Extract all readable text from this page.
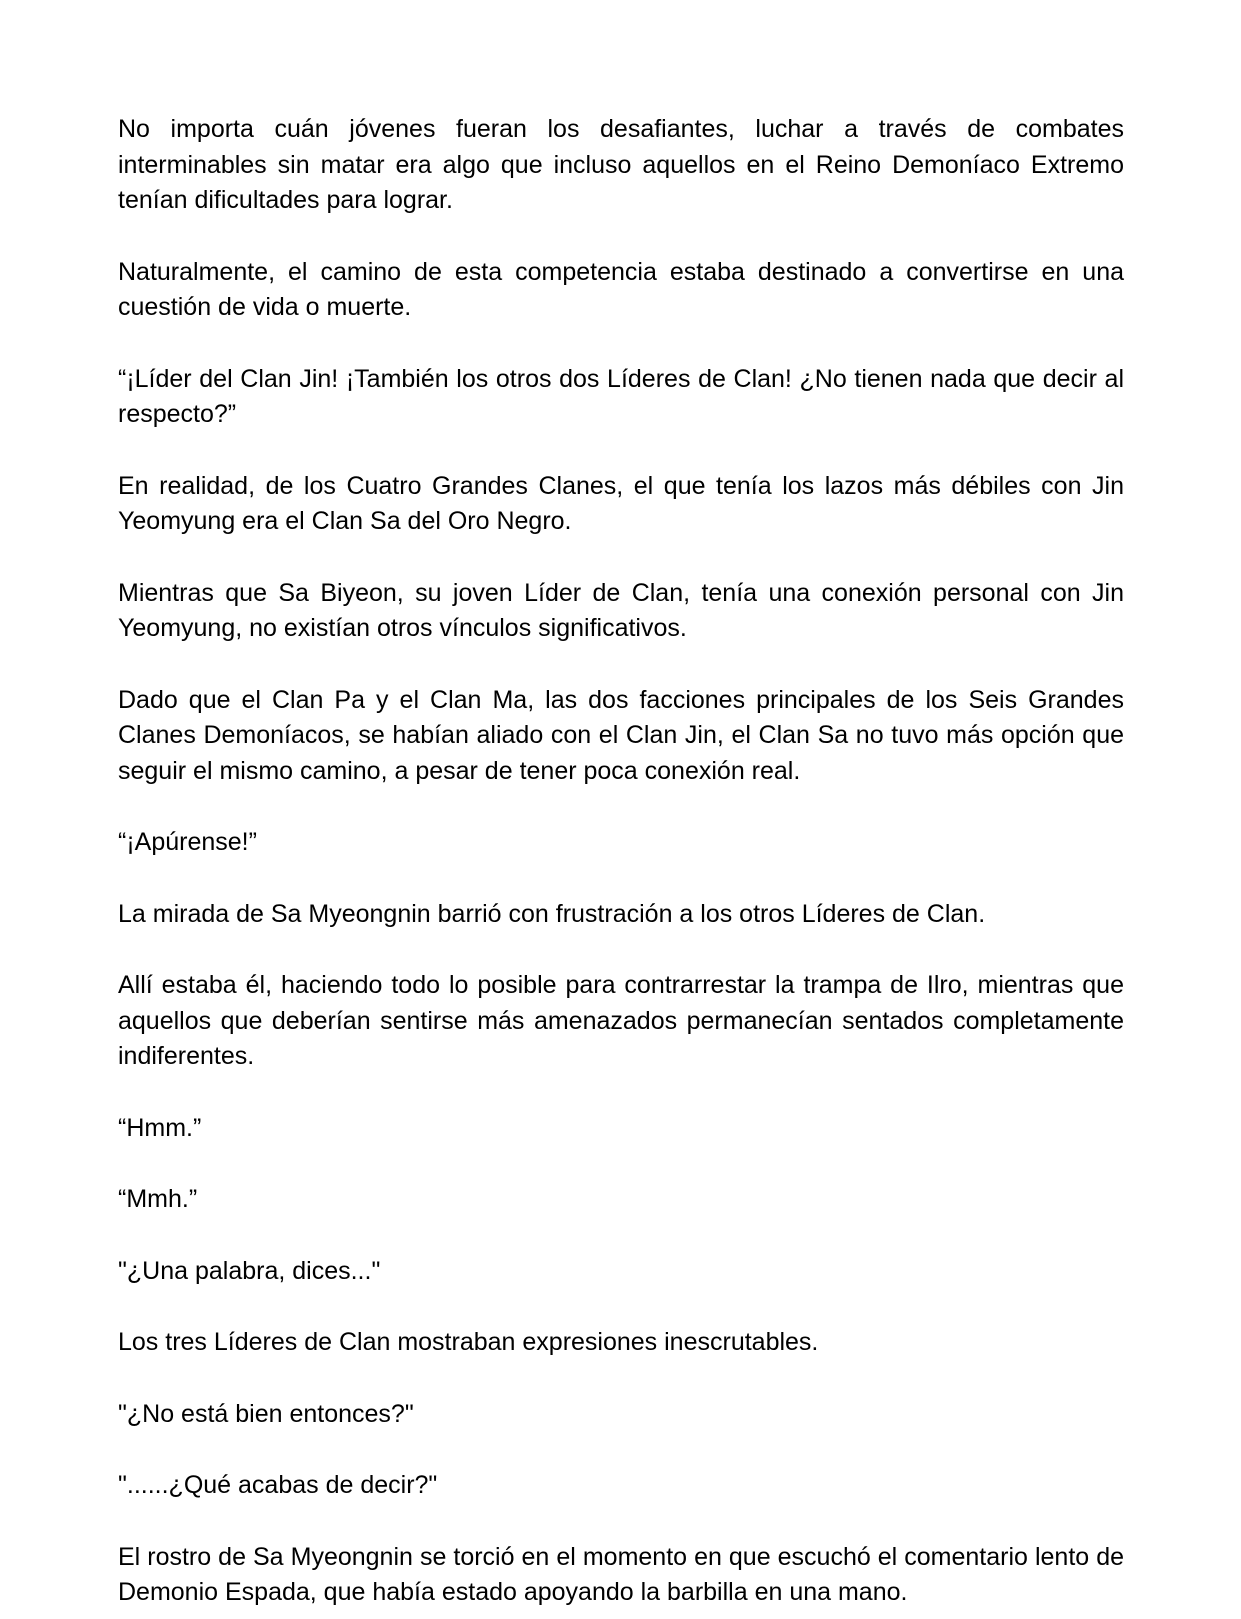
No importa cuán jóvenes fueran los desafiantes, luchar a través de combates interminables sin matar era algo que incluso aquellos en el Reino Demoníaco Extremo tenían dificultades para lograr.

Naturalmente, el camino de esta competencia estaba destinado a convertirse en una cuestión de vida o muerte.

“¡Líder del Clan Jin! ¡También los otros dos Líderes de Clan! ¿No tienen nada que decir al respecto?”

En realidad, de los Cuatro Grandes Clanes, el que tenía los lazos más débiles con Jin Yeomyung era el Clan Sa del Oro Negro.

Mientras que Sa Biyeon, su joven Líder de Clan, tenía una conexión personal con Jin Yeomyung, no existían otros vínculos significativos.

Dado que el Clan Pa y el Clan Ma, las dos facciones principales de los Seis Grandes Clanes Demoníacos, se habían aliado con el Clan Jin, el Clan Sa no tuvo más opción que seguir el mismo camino, a pesar de tener poca conexión real.

“¡Apúrense!”

La mirada de Sa Myeongnin barrió con frustración a los otros Líderes de Clan.

Allí estaba él, haciendo todo lo posible para contrarrestar la trampa de Ilro, mientras que aquellos que deberían sentirse más amenazados permanecían sentados completamente indiferentes.

“Hmm.”

“Mmh.”

"¿Una palabra, dices..."

Los tres Líderes de Clan mostraban expresiones inescrutables.

"¿No está bien entonces?"

"......¿Qué acabas de decir?"

El rostro de Sa Myeongnin se torció en el momento en que escuchó el comentario lento de Demonio Espada, que había estado apoyando la barbilla en una mano.
